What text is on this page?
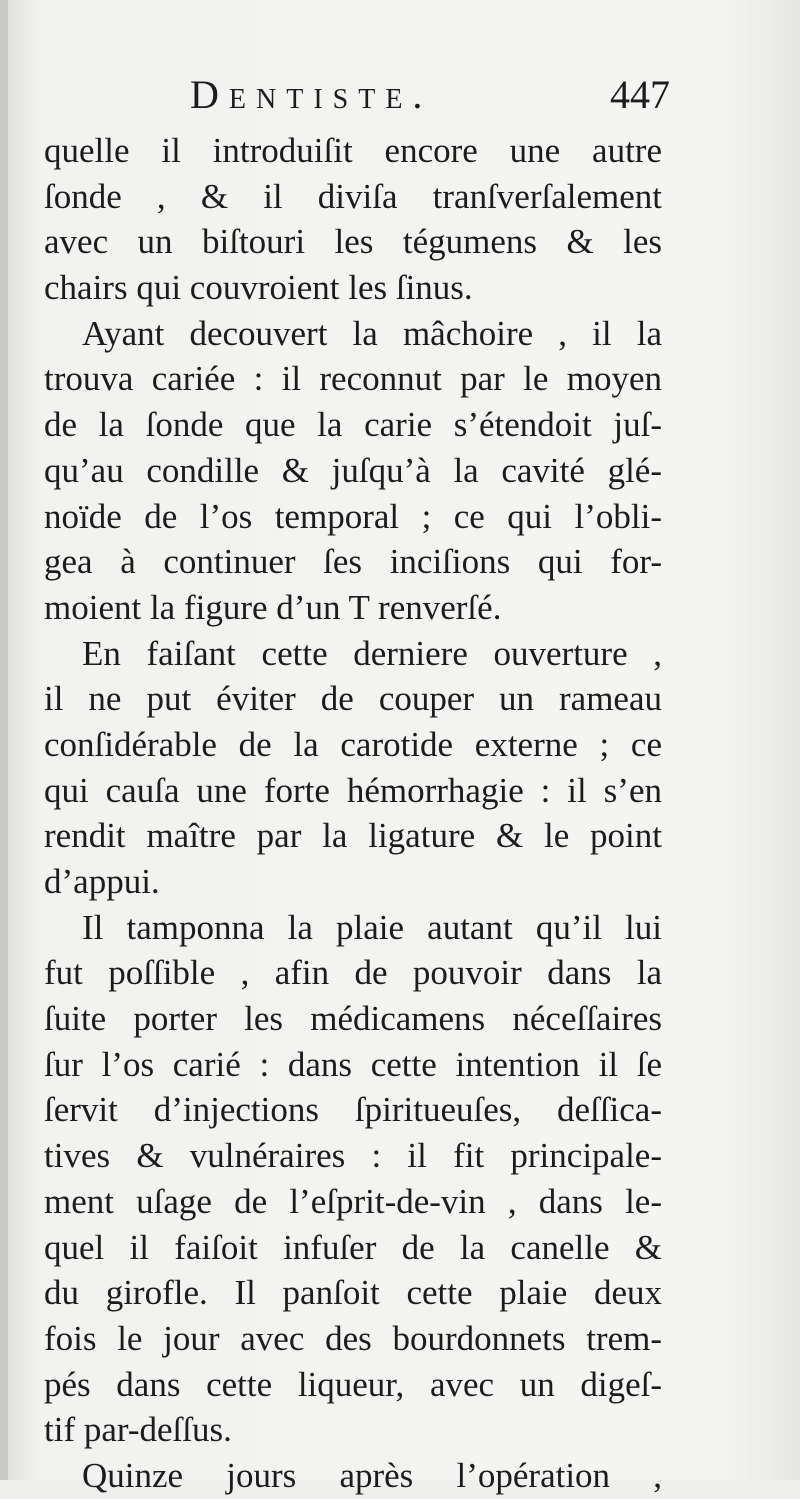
Dentiste.	447
quelle il introduiſit encore une autre
ſonde , & il diviſa tranſverſalement
avec un biſtouri les tégumens & les
chairs qui couvroient les ſinus.
Ayant decouvert la mâchoire , il la
trouva cariée : il reconnut par le moyen
de la ſonde que la carie s’étendoit juſ-
qu’au condille & juſqu’à la cavité glé-
noïde de l’os temporal ; ce qui l’obli-
gea à continuer ſes inciſions qui for-
moient la figure d’un T renverſé.
En faiſant cette derniere ouverture ,
il ne put éviter de couper un rameau
conſidérable de la carotide externe ; ce
qui cauſa une forte hémorrhagie : il s’en
rendit maître par la ligature & le point
d’appui.
Il tamponna la plaie autant qu’il lui
fut poſſible , afin de pouvoir dans la
ſuite porter les médicamens néceſſaires
ſur l’os carié : dans cette intention il ſe
ſervit d’injections ſpiritueuſes, deſſica-
tives & vulnéraires : il fit principale-
ment uſage de l’eſprit-de-vin , dans le-
quel il faiſoit infuſer de la canelle &
du girofle. Il panſoit cette plaie deux
fois le jour avec des bourdonnets trem-
pés dans cette liqueur, avec un digeſ-
tif par-deſſus.
Quinze jours après l’opération ,
